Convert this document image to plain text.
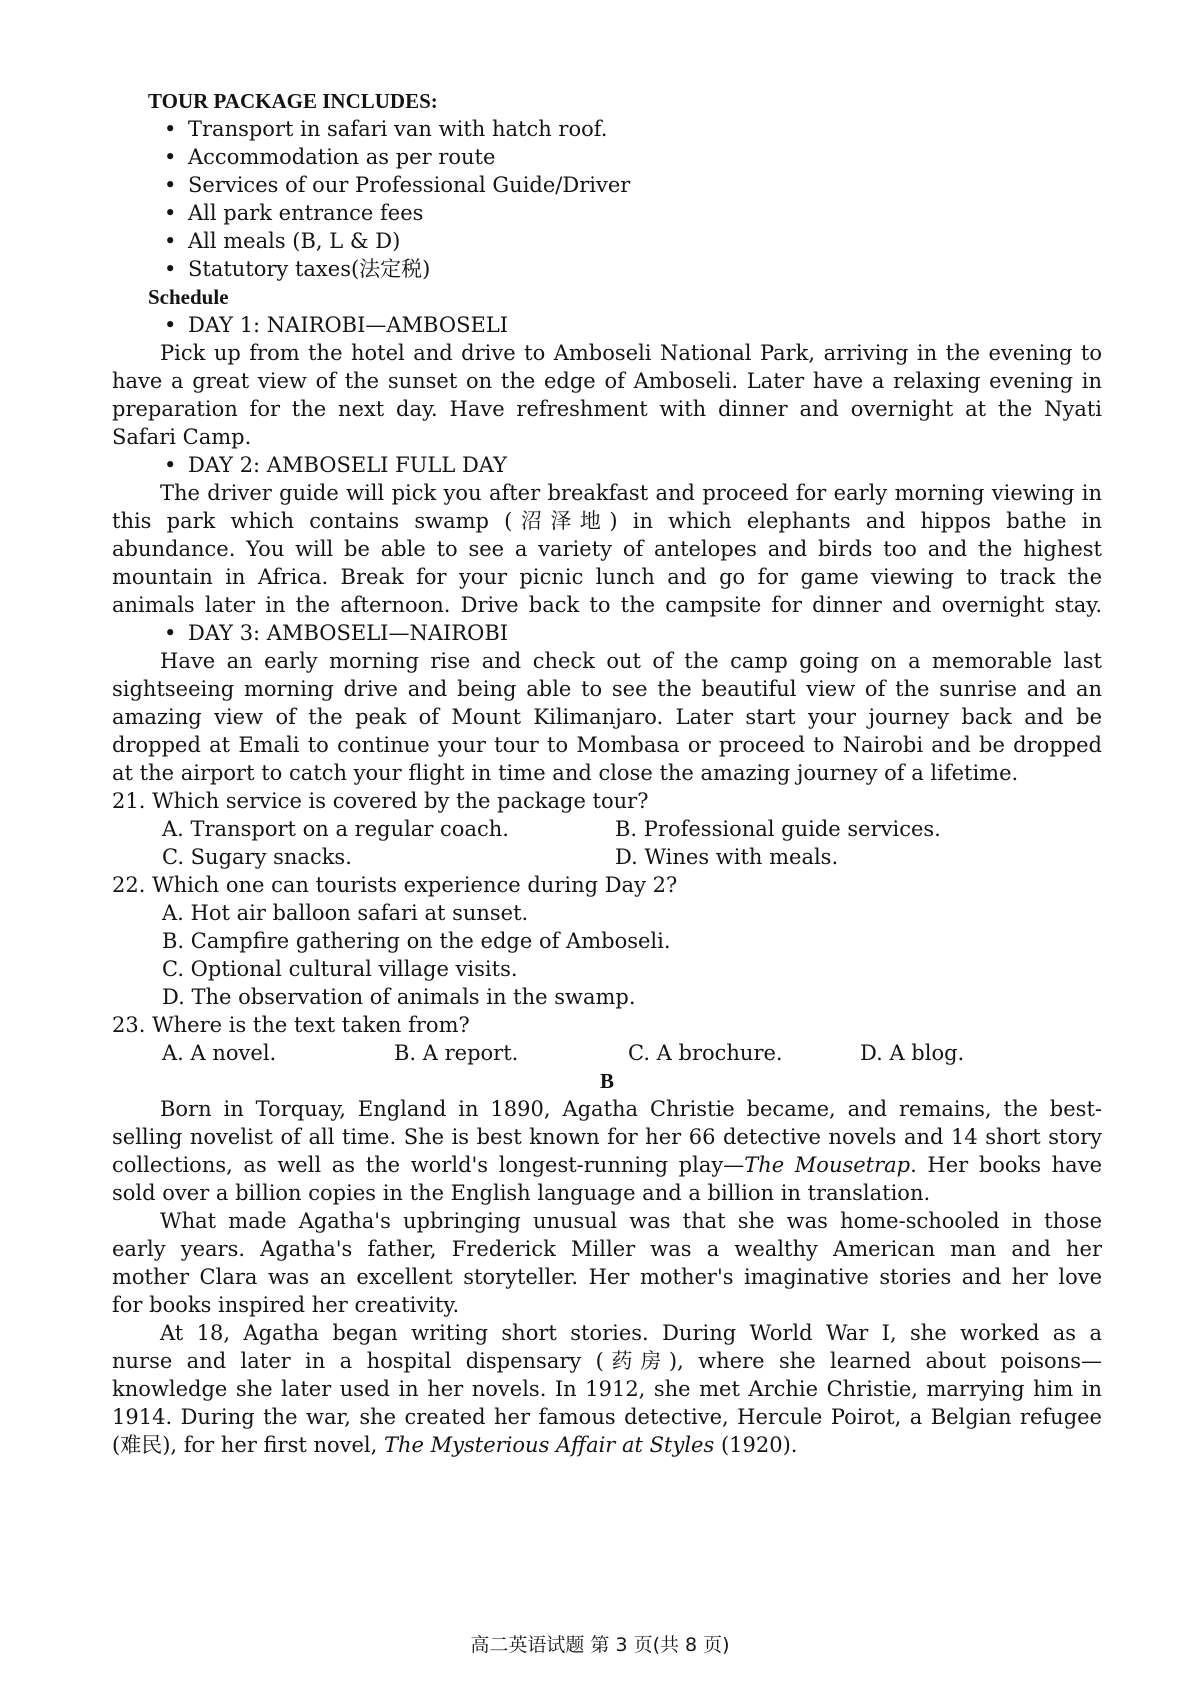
TOUR PACKAGE INCLUDES:
• Transport in safari van with hatch roof.
• Accommodation as per route
• Services of our Professional Guide/Driver
• All park entrance fees
• All meals (B, L & D)
• Statutory taxes(法定税)
Schedule
• DAY 1: NAIROBI—AMBOSELI
Pick up from the hotel and drive to Amboseli National Park, arriving in the evening to
have a great view of the sunset on the edge of Amboseli. Later have a relaxing evening in
preparation for the next day. Have refreshment with dinner and overnight at the Nyati
Safari Camp.
• DAY 2: AMBOSELI FULL DAY
The driver guide will pick you after breakfast and proceed for early morning viewing in
this park which contains swamp (沼泽地) in which elephants and hippos bathe in
abundance. You will be able to see a variety of antelopes and birds too and the highest
mountain in Africa. Break for your picnic lunch and go for game viewing to track the
animals later in the afternoon. Drive back to the campsite for dinner and overnight stay.
• DAY 3: AMBOSELI—NAIROBI
Have an early morning rise and check out of the camp going on a memorable last
sightseeing morning drive and being able to see the beautiful view of the sunrise and an
amazing view of the peak of Mount Kilimanjaro. Later start your journey back and be
dropped at Emali to continue your tour to Mombasa or proceed to Nairobi and be dropped
at the airport to catch your flight in time and close the amazing journey of a lifetime.
21. Which service is covered by the package tour?
A. Transport on a regular coach.	B. Professional guide services.
C. Sugary snacks.	D. Wines with meals.
22. Which one can tourists experience during Day 2?
A. Hot air balloon safari at sunset.
B. Campfire gathering on the edge of Amboseli.
C. Optional cultural village visits.
D. The observation of animals in the swamp.
23. Where is the text taken from?
A. A novel.	B. A report.	C. A brochure.	D. A blog.
B
Born in Torquay, England in 1890, Agatha Christie became, and remains, the best-
selling novelist of all time. She is best known for her 66 detective novels and 14 short story
collections, as well as the world's longest-running play—The Mousetrap. Her books have
sold over a billion copies in the English language and a billion in translation.
What made Agatha's upbringing unusual was that she was home-schooled in those
early years. Agatha's father, Frederick Miller was a wealthy American man and her
mother Clara was an excellent storyteller. Her mother's imaginative stories and her love
for books inspired her creativity.
At 18, Agatha began writing short stories. During World War I, she worked as a
nurse and later in a hospital dispensary (药房), where she learned about poisons—
knowledge she later used in her novels. In 1912, she met Archie Christie, marrying him in
1914. During the war, she created her famous detective, Hercule Poirot, a Belgian refugee
(难民), for her first novel, The Mysterious Affair at Styles (1920).
高二英语试题 第 3 页(共 8 页)
